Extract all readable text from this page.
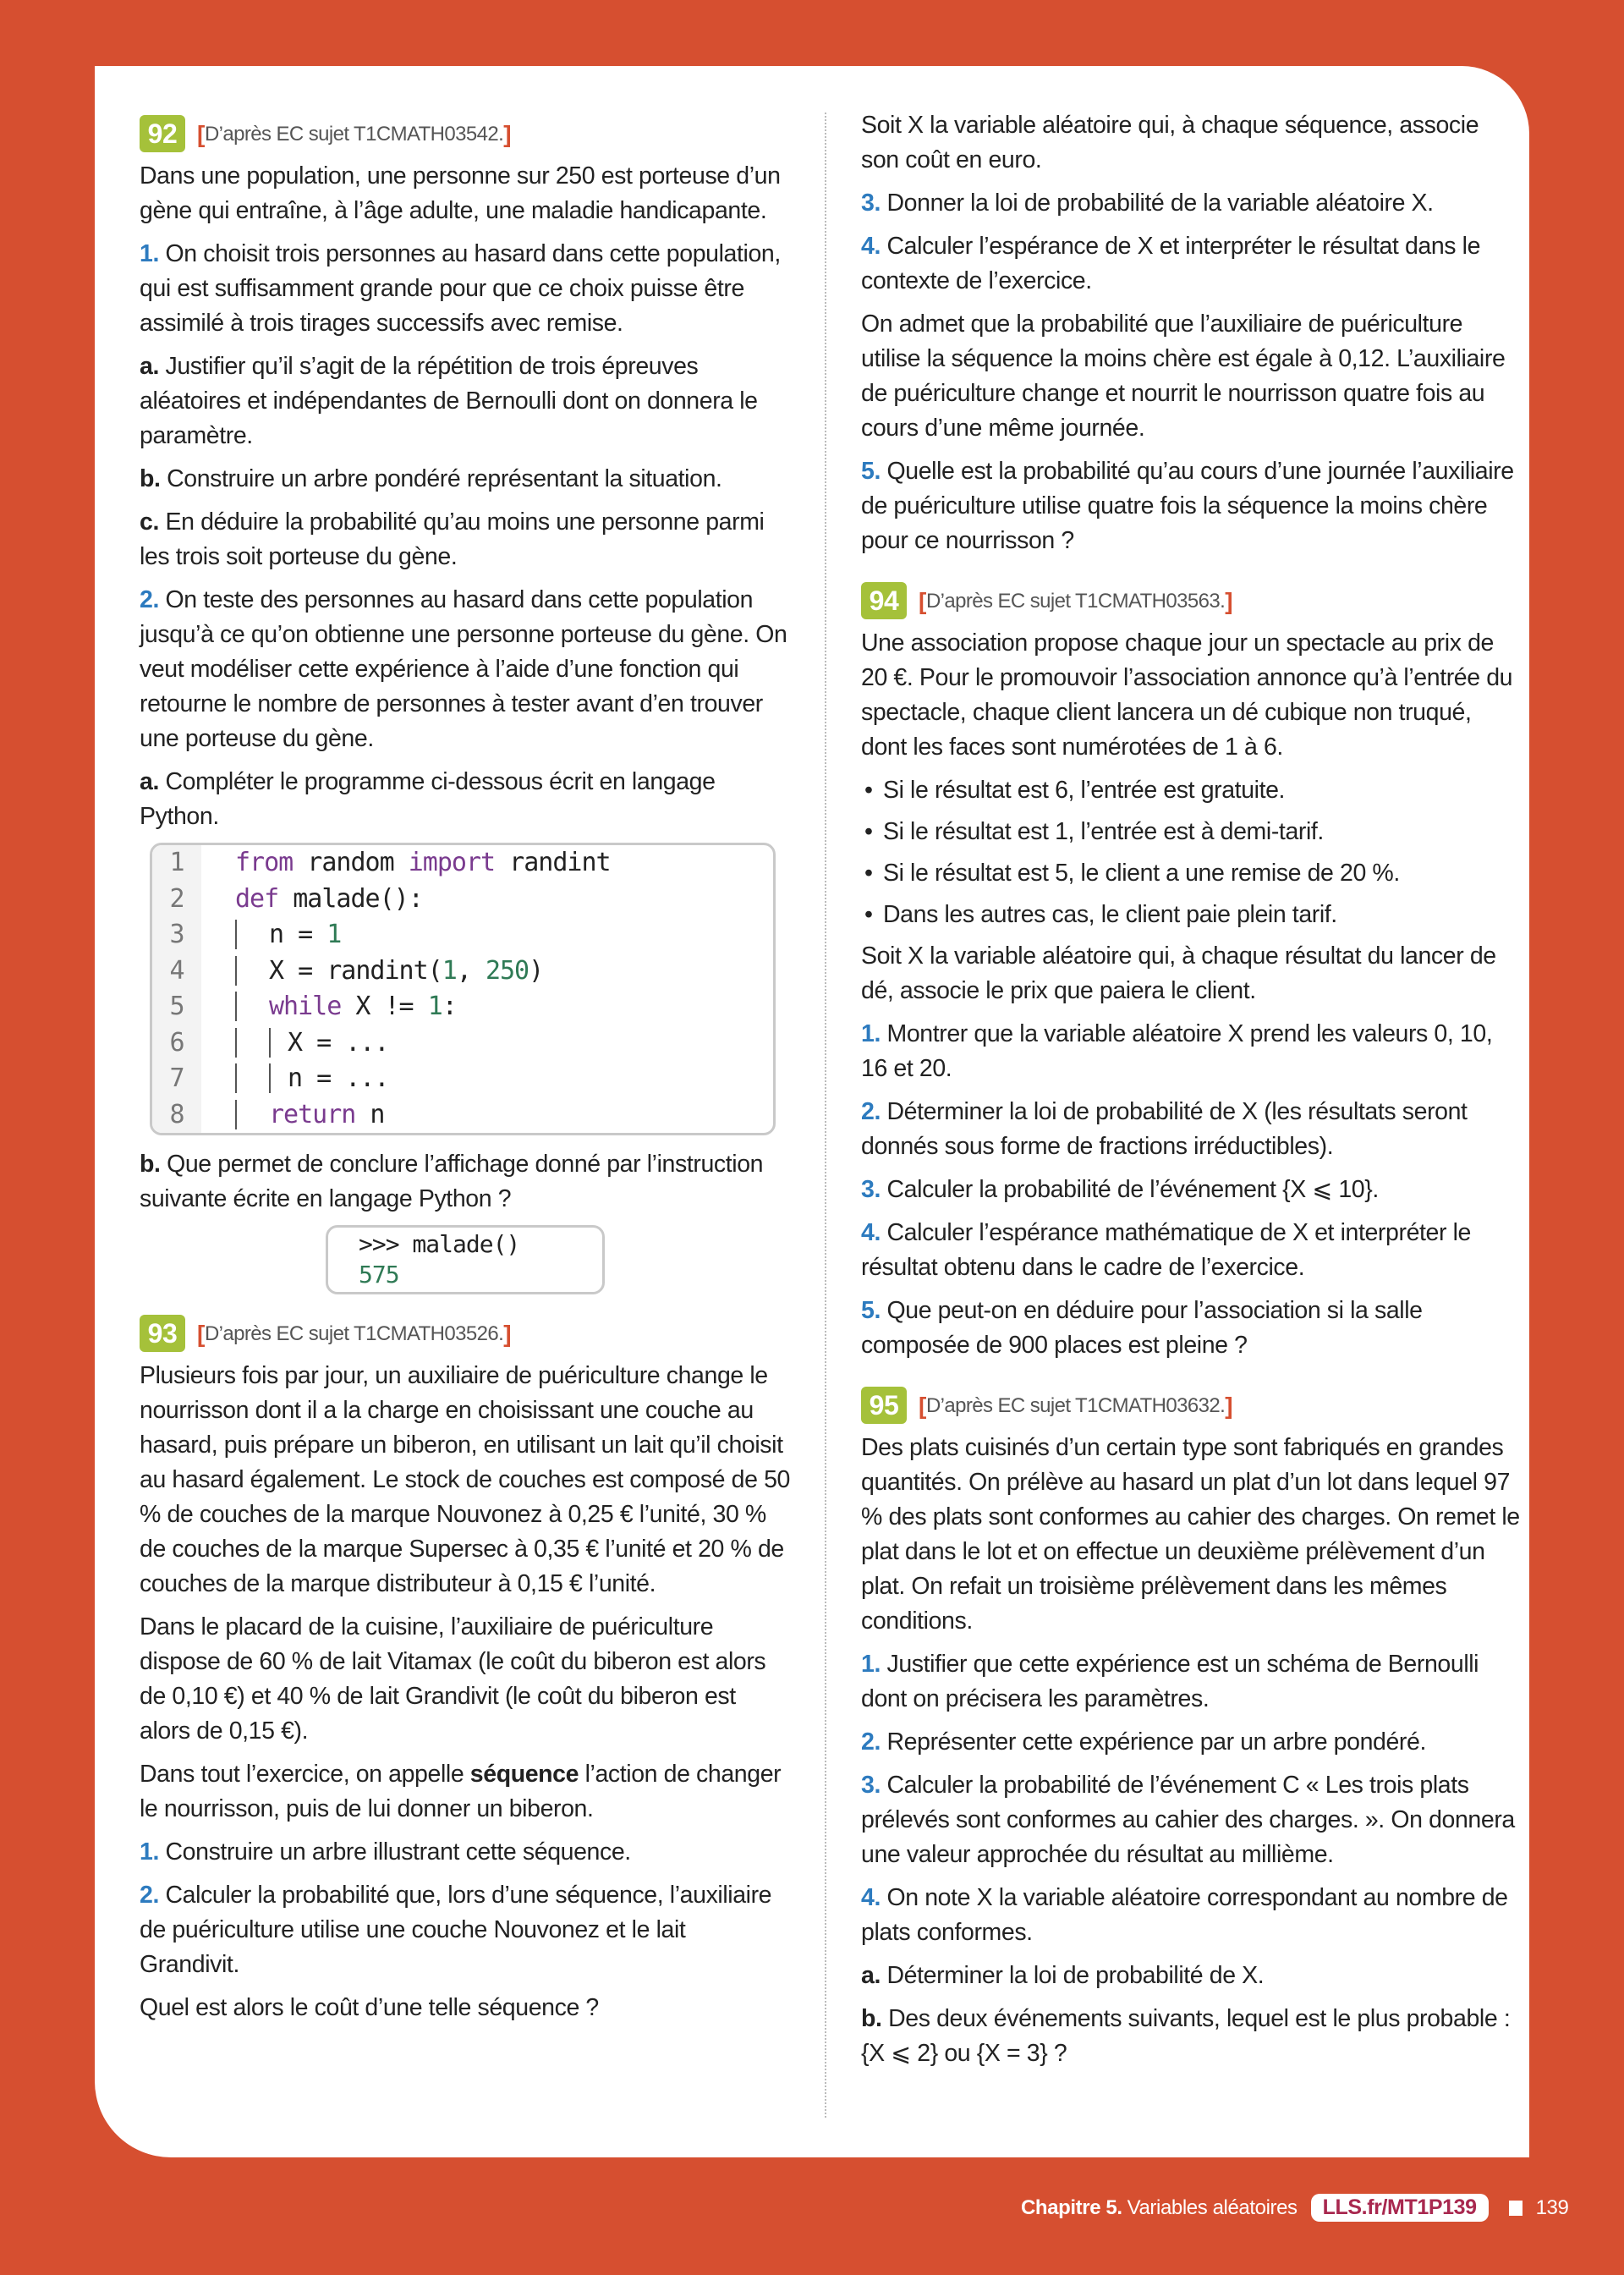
92 [ D’après EC sujet T1CMATH03542. ]

Dans une population, une personne sur 250 est porteuse d’un gène qui entraîne, à l’âge adulte, une maladie handicapante.

1. On choisit trois personnes au hasard dans cette population, qui est suffisamment grande pour que ce choix puisse être assimilé à trois tirages successifs avec remise.

a. Justifier qu’il s’agit de la répétition de trois épreuves aléatoires et indépendantes de Bernoulli dont on donnera le paramètre.

b. Construire un arbre pondéré représentant la situation.

c. En déduire la probabilité qu’au moins une personne parmi les trois soit porteuse du gène.

2. On teste des personnes au hasard dans cette population jusqu’à ce qu’on obtienne une personne porteuse du gène. On veut modéliser cette expérience à l’aide d’une fonction qui retourne le nombre de personnes à tester avant d’en trouver une porteuse du gène.

a. Compléter le programme ci-dessous écrit en langage Python.

1	from random import randint
2	def malade():
3	n = 1
4	X = randint(1, 250)
5	while X != 1:
6	X = ...
7	n = ...
8	return n

b. Que permet de conclure l’affichage donné par l’instruction suivante écrite en langage Python ?

>>> malade()
575
93 [ D’après EC sujet T1CMATH03526. ]

Plusieurs fois par jour, un auxiliaire de puériculture change le nourrisson dont il a la charge en choisissant une couche au hasard, puis prépare un biberon, en utilisant un lait qu’il choisit au hasard également. Le stock de couches est composé de 50 % de couches de la marque Nouvonez à 0,25 € l’unité, 30 % de couches de la marque Supersec à 0,35 € l’unité et 20 % de couches de la marque distributeur à 0,15 € l’unité.

Dans le placard de la cuisine, l’auxiliaire de puériculture dispose de 60 % de lait Vitamax (le coût du biberon est alors de 0,10 €) et 40 % de lait Grandivit (le coût du biberon est alors de 0,15 €).

Dans tout l’exercice, on appelle séquence l’action de changer le nourrisson, puis de lui donner un biberon.

1. Construire un arbre illustrant cette séquence.

2. Calculer la probabilité que, lors d’une séquence, l’auxiliaire de puériculture utilise une couche Nouvonez et le lait Grandivit.

Quel est alors le coût d’une telle séquence ?

Soit X la variable aléatoire qui, à chaque séquence, associe son coût en euro.

3. Donner la loi de probabilité de la variable aléatoire X.

4. Calculer l’espérance de X et interpréter le résultat dans le contexte de l’exercice.

On admet que la probabilité que l’auxiliaire de puériculture utilise la séquence la moins chère est égale à 0,12. L’auxiliaire de puériculture change et nourrit le nourrisson quatre fois au cours d’une même journée.

5. Quelle est la probabilité qu’au cours d’une journée l’auxiliaire de puériculture utilise quatre fois la séquence la moins chère pour ce nourrisson ?

94 [ D’après EC sujet T1CMATH03563. ]

Une association propose chaque jour un spectacle au prix de 20 €. Pour le promouvoir l’association annonce qu’à l’entrée du spectacle, chaque client lancera un dé cubique non truqué, dont les faces sont numérotées de 1 à 6.

• Si le résultat est 6, l’entrée est gratuite.
• Si le résultat est 1, l’entrée est à demi-tarif.
• Si le résultat est 5, le client a une remise de 20 %.
• Dans les autres cas, le client paie plein tarif.

Soit X la variable aléatoire qui, à chaque résultat du lancer de dé, associe le prix que paiera le client.

1. Montrer que la variable aléatoire X prend les valeurs 0, 10, 16 et 20.

2. Déterminer la loi de probabilité de X (les résultats seront donnés sous forme de fractions irréductibles).

3. Calculer la probabilité de l’événement {X ⩽ 10}.

4. Calculer l’espérance mathématique de X et interpréter le résultat obtenu dans le cadre de l’exercice.

5. Que peut-on en déduire pour l’association si la salle composée de 900 places est pleine ?

95 [ D’après EC sujet T1CMATH03632. ]

Des plats cuisinés d’un certain type sont fabriqués en grandes quantités. On prélève au hasard un plat d’un lot dans lequel 97 % des plats sont conformes au cahier des charges. On remet le plat dans le lot et on effectue un deuxième prélèvement d’un plat. On refait un troisième prélèvement dans les mêmes conditions.

1. Justifier que cette expérience est un schéma de Bernoulli dont on précisera les paramètres.

2. Représenter cette expérience par un arbre pondéré.

3. Calculer la probabilité de l’événement C « Les trois plats prélevés sont conformes au cahier des charges. ». On donnera une valeur approchée du résultat au millième.

4. On note X la variable aléatoire correspondant au nombre de plats conformes.

a. Déterminer la loi de probabilité de X.

b. Des deux événements suivants, lequel est le plus probable : {X ⩽ 2} ou {X = 3} ?

Chapitre 5. Variables aléatoires	LLS.fr/MT1P139	139
